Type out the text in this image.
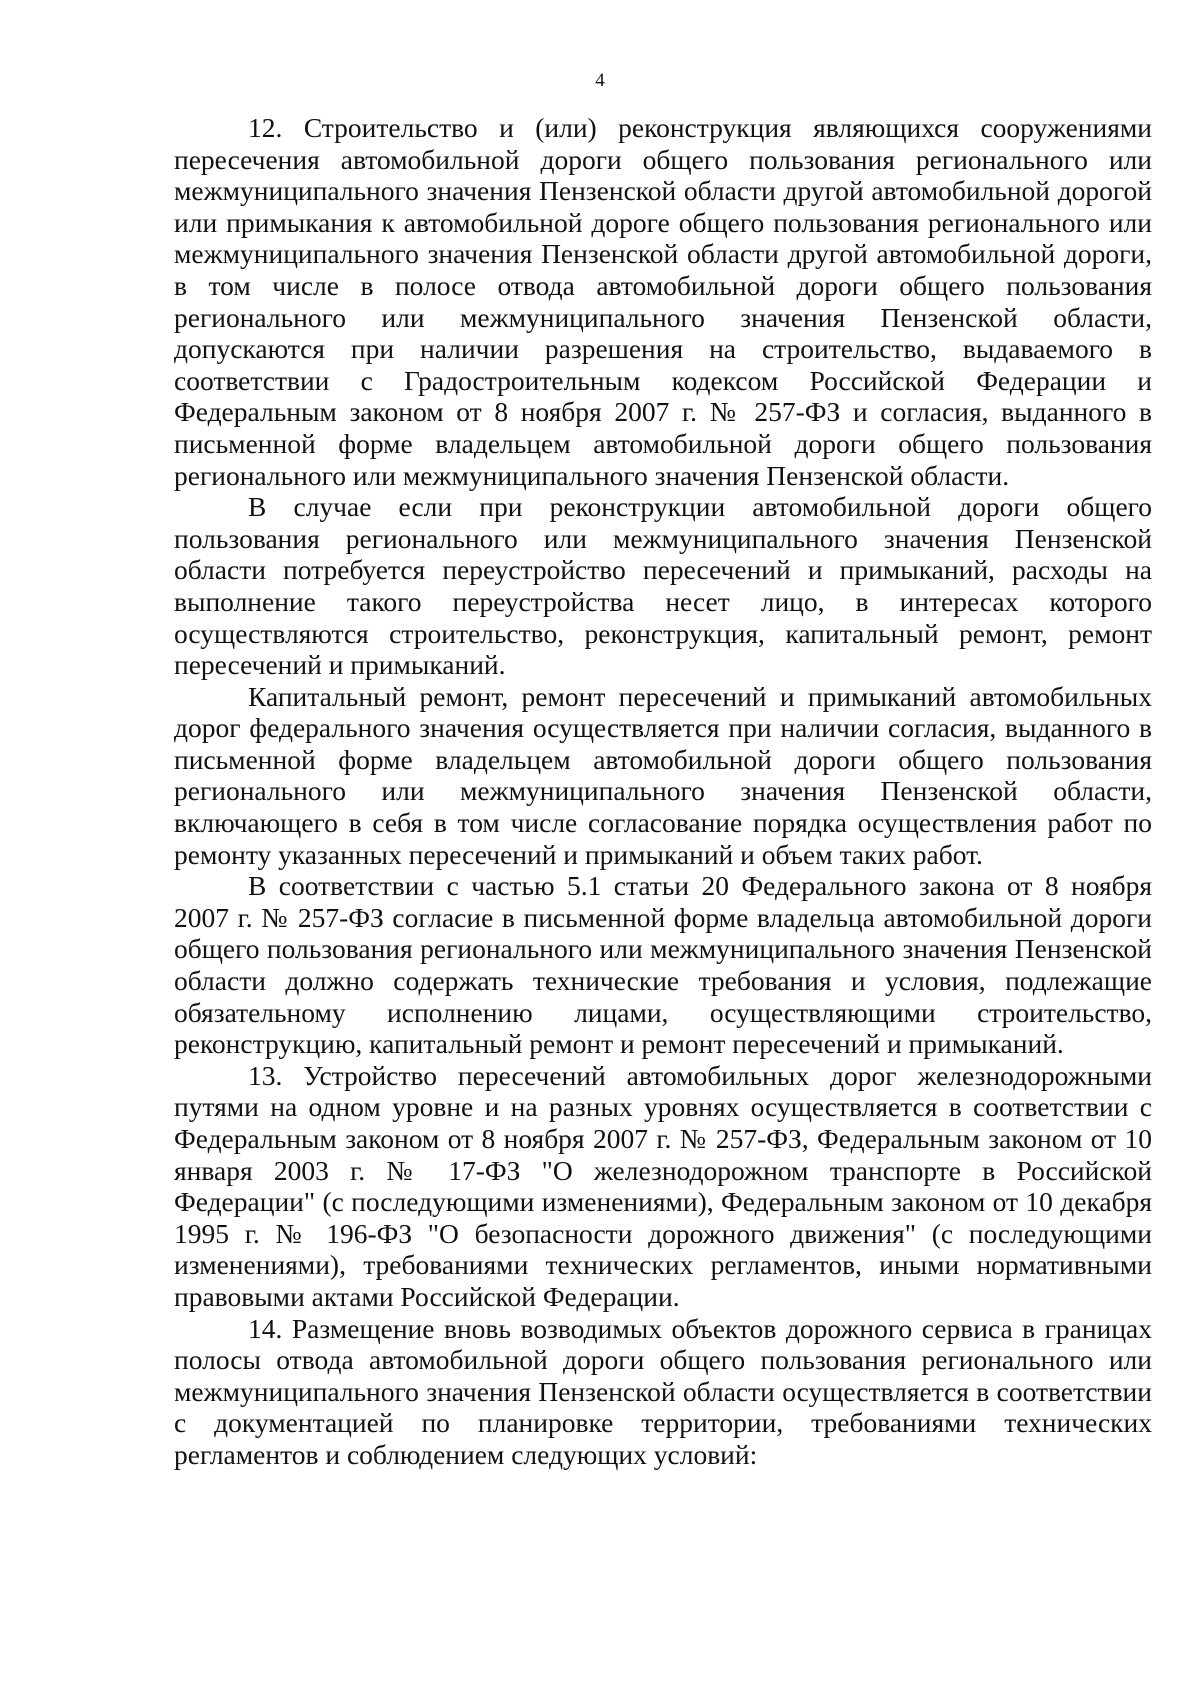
4

12. Строительство и (или) реконструкция являющихся сооружениями пересечения автомобильной дороги общего пользования регионального или межмуниципального значения Пензенской области другой автомобильной дорогой или примыкания к автомобильной дороге общего пользования регионального или межмуниципального значения Пензенской области другой автомобильной дороги, в том числе в полосе отвода автомобильной дороги общего пользования регионального или межмуниципального значения Пензенской области, допускаются при наличии разрешения на строительство, выдаваемого в соответствии с Градостроительным кодексом Российской Федерации и Федеральным законом от 8 ноября 2007 г. № 257-ФЗ и согласия, выданного в письменной форме владельцем автомобильной дороги общего пользования регионального или межмуниципального значения Пензенской области.

В случае если при реконструкции автомобильной дороги общего пользования регионального или межмуниципального значения Пензенской области потребуется переустройство пересечений и примыканий, расходы на выполнение такого переустройства несет лицо, в интересах которого осуществляются строительство, реконструкция, капитальный ремонт, ремонт пересечений и примыканий.

Капитальный ремонт, ремонт пересечений и примыканий автомобильных дорог федерального значения осуществляется при наличии согласия, выданного в письменной форме владельцем автомобильной дороги общего пользования регионального или межмуниципального значения Пензенской области, включающего в себя в том числе согласование порядка осуществления работ по ремонту указанных пересечений и примыканий и объем таких работ.

В соответствии с частью 5.1 статьи 20 Федерального закона от 8 ноября 2007 г. № 257-ФЗ согласие в письменной форме владельца автомобильной дороги общего пользования регионального или межмуниципального значения Пензенской области должно содержать технические требования и условия, подлежащие обязательному исполнению лицами, осуществляющими строительство, реконструкцию, капитальный ремонт и ремонт пересечений и примыканий.

13. Устройство пересечений автомобильных дорог железнодорожными путями на одном уровне и на разных уровнях осуществляется в соответствии с Федеральным законом от 8 ноября 2007 г. № 257-ФЗ, Федеральным законом от 10 января 2003 г. № 17-ФЗ "О железнодорожном транспорте в Российской Федерации" (с последующими изменениями), Федеральным законом от 10 декабря 1995 г. № 196-ФЗ "О безопасности дорожного движения" (с последующими изменениями), требованиями технических регламентов, иными нормативными правовыми актами Российской Федерации.

14. Размещение вновь возводимых объектов дорожного сервиса в границах полосы отвода автомобильной дороги общего пользования регионального или межмуниципального значения Пензенской области осуществляется в соответствии с документацией по планировке территории, требованиями технических регламентов и соблюдением следующих условий:
